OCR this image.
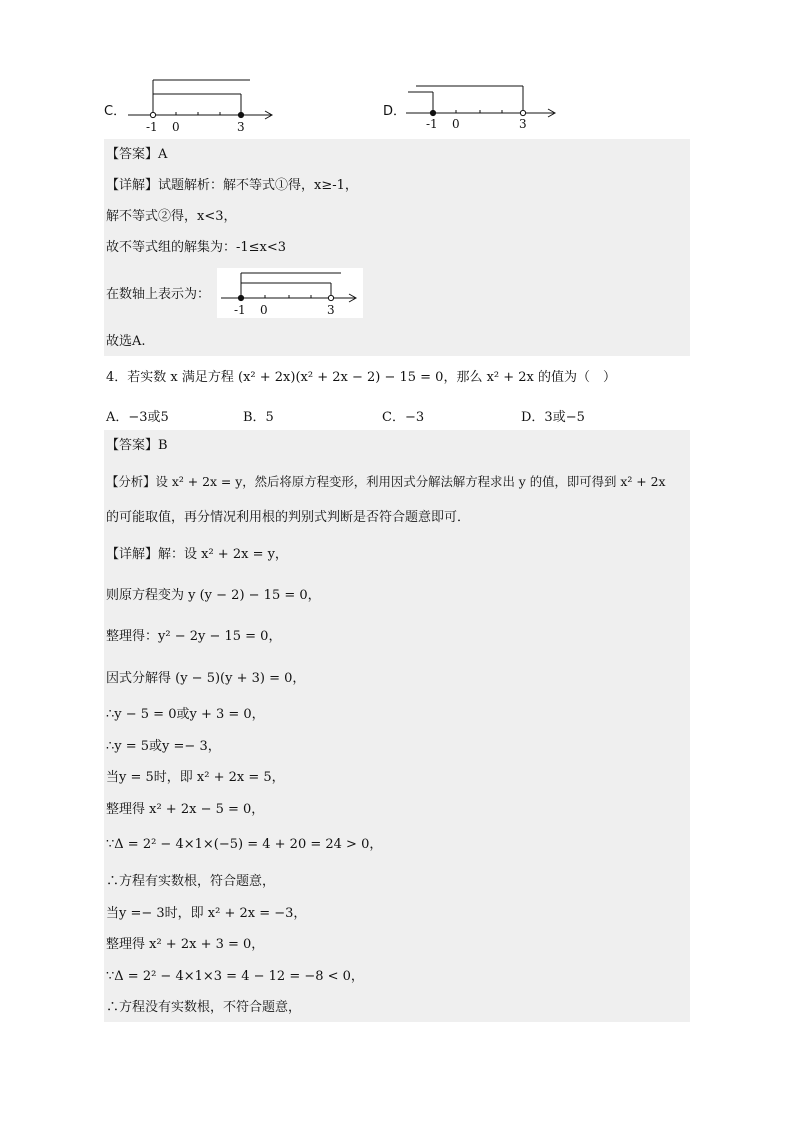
C．
-1 0	3
D．
-1 0	3
【答案】A
【详解】试题解析：解不等式①得，x≥-1，
解不等式②得，x<3，
故不等式组的解集为：-1≤x<3
在数轴上表示为：
-1 0	3
故选A.
4．若实数 x 满足方程 (x² + 2x)(x² + 2x − 2) − 15 = 0，那么 x² + 2x 的值为（　）
A．−3或5	B．5	C．−3	D．3或−5
【答案】B
【分析】设 x² + 2x = y，然后将原方程变形，利用因式分解法解方程求出 y 的值，即可得到 x² + 2x
的可能取值，再分情况利用根的判别式判断是否符合题意即可．
【详解】解：设 x² + 2x = y，
则原方程变为 y (y − 2) − 15 = 0，
整理得：y² − 2y − 15 = 0，
因式分解得 (y − 5)(y + 3) = 0，
∴y − 5 = 0或y + 3 = 0，
∴y = 5或y =− 3，
当y = 5时，即 x² + 2x = 5，
整理得 x² + 2x − 5 = 0，
∵Δ = 2² − 4×1×(−5) = 4 + 20 = 24 > 0，
∴方程有实数根，符合题意，
当y =− 3时，即 x² + 2x = −3，
整理得 x² + 2x + 3 = 0，
∵Δ = 2² − 4×1×3 = 4 − 12 = −8 < 0，
∴方程没有实数根，不符合题意，
